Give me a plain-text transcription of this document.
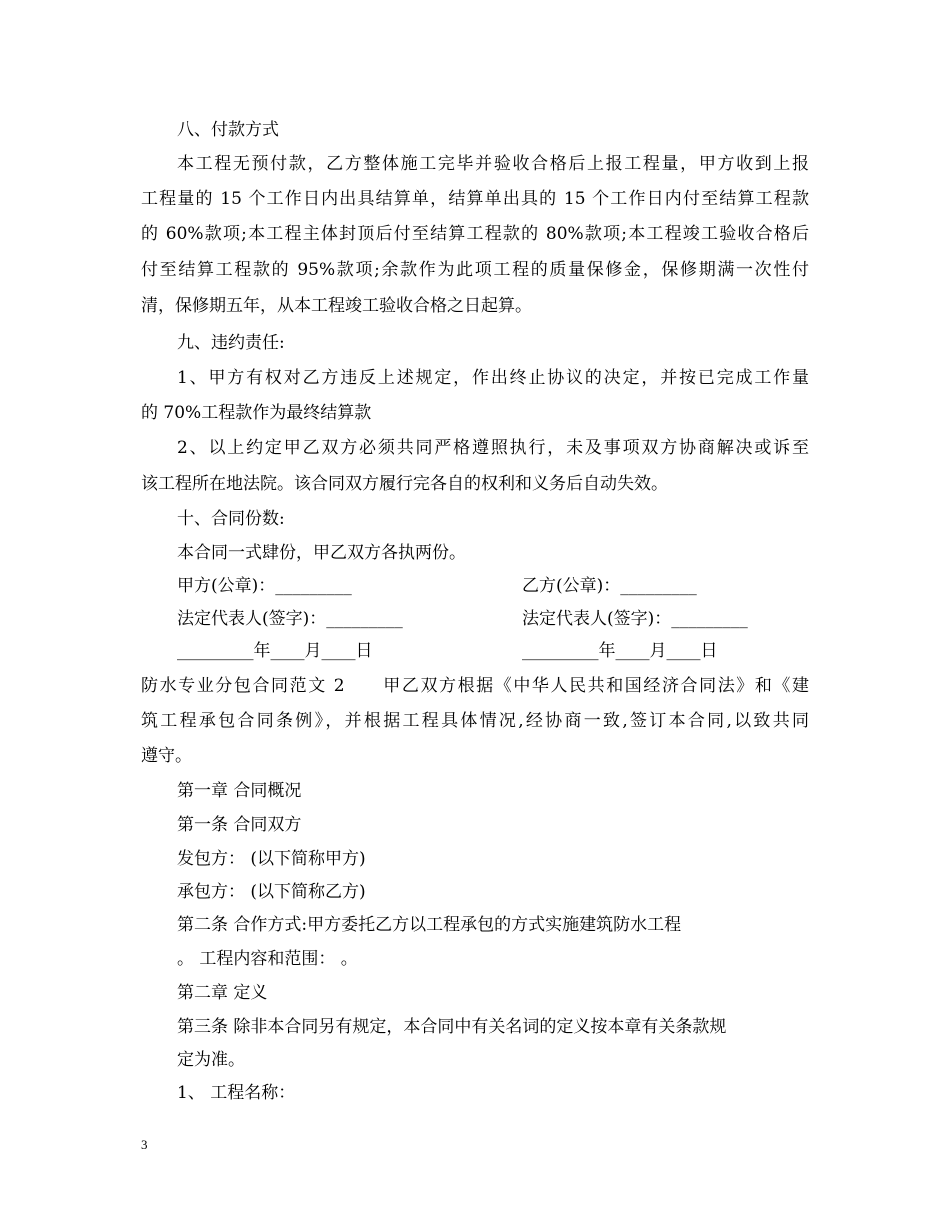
八、付款方式
本工程无预付款，乙方整体施工完毕并验收合格后上报工程量，甲方收到上报
工程量的 15 个工作日内出具结算单，结算单出具的 15 个工作日内付至结算工程款
的 60%款项;本工程主体封顶后付至结算工程款的 80%款项;本工程竣工验收合格后
付至结算工程款的 95%款项;余款作为此项工程的质量保修金，保修期满一次性付
清，保修期五年，从本工程竣工验收合格之日起算。
九、违约责任:
1、甲方有权对乙方违反上述规定，作出终止协议的决定，并按已完成工作量
的 70%工程款作为最终结算款
2、以上约定甲乙双方必须共同严格遵照执行，未及事项双方协商解决或诉至
该工程所在地法院。该合同双方履行完各自的权利和义务后自动失效。
十、合同份数:
本合同一式肆份，甲乙双方各执两份。
甲方(公章)：_________	乙方(公章)：_________
法定代表人(签字)：_________	法定代表人(签字)：_________
_________年____月____日	_________年____月____日
防水专业分包合同范文 2　　甲乙双方根据《中华人民共和国经济合同法》和《建
筑工程承包合同条例》，并根据工程具体情况,经协商一致,签订本合同,以致共同
遵守。
第一章 合同概况
第一条 合同双方
发包方： (以下简称甲方)
承包方： (以下简称乙方)
第二条 合作方式:甲方委托乙方以工程承包的方式实施建筑防水工程
。 工程内容和范围： 。
第二章 定义
第三条 除非本合同另有规定，本合同中有关名词的定义按本章有关条款规
定为准。
1、 工程名称：
3
